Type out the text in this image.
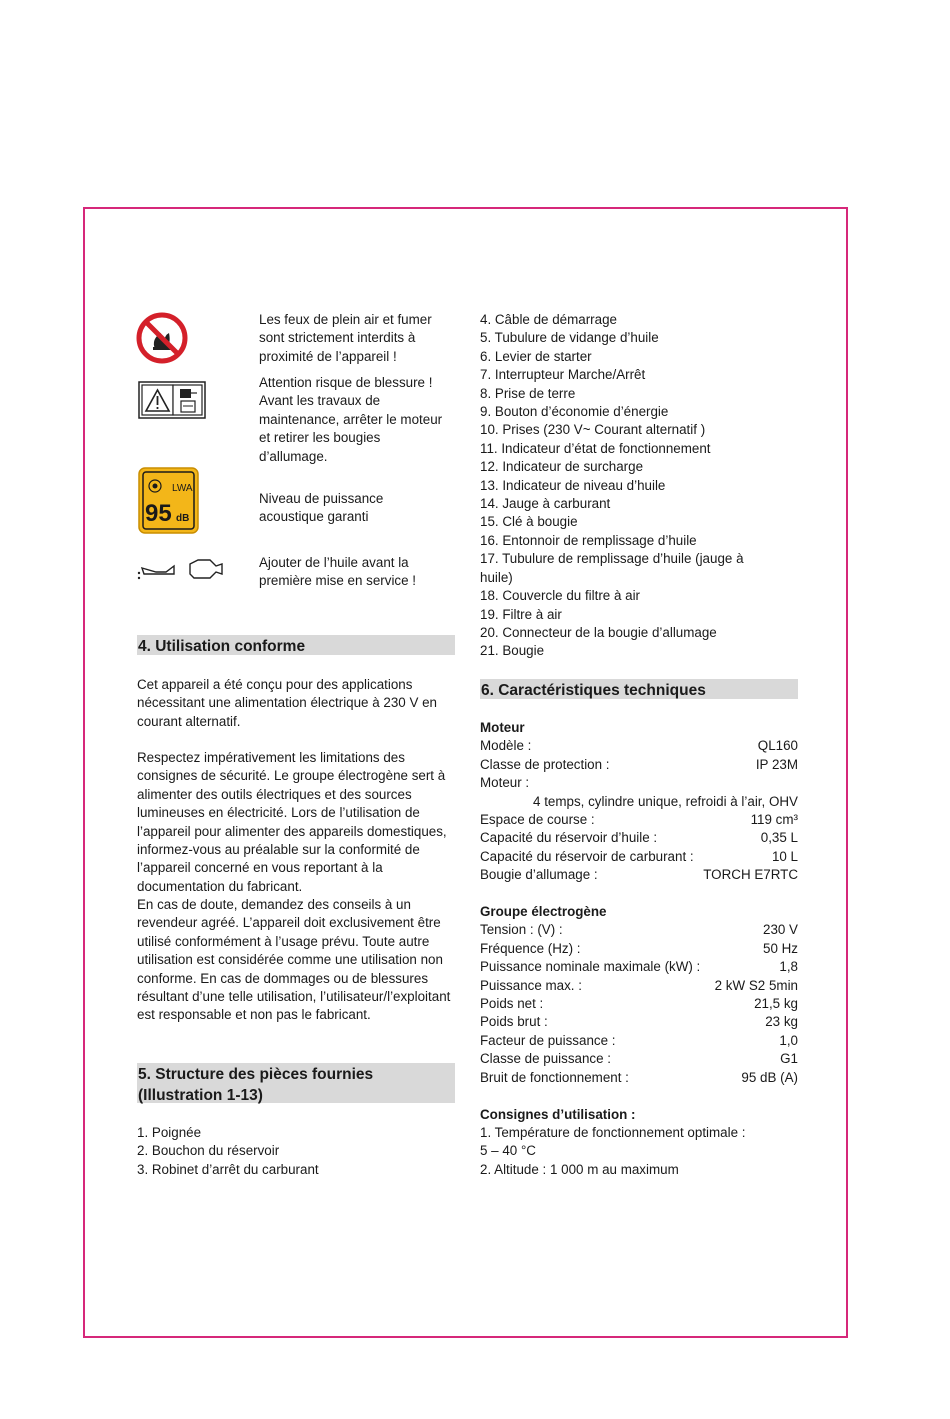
LWA
95 dB
Les feux de plein air et fumer sont strictement interdits à proximité de l’appareil !
Attention risque de blessure ! Avant les travaux de maintenance, arrêter le moteur et retirer les bougies d’allumage.
Niveau de puissance acoustique garanti
Ajouter de l’huile avant la première mise en service !
4. Utilisation conforme
Cet appareil a été conçu pour des applications nécessitant une alimentation électrique à 230 V en courant alternatif.
Respectez impérativement les limitations des consignes de sécurité. Le groupe électrogène sert à alimenter des outils électriques et des sources lumineuses en électricité. Lors de l’utilisation de l’appareil pour alimenter des appareils domestiques, informez-vous au préalable sur la conformité de l’appareil concerné en vous reportant à la documentation du fabricant.
En cas de doute, demandez des conseils à un revendeur agréé. L’appareil doit exclusivement être utilisé conformément à l’usage prévu. Toute autre utilisation est considérée comme une utilisation non conforme. En cas de dommages ou de blessures résultant d’une telle utilisation, l’utilisateur/l’exploitant est responsable et non pas le fabricant.
5. Structure des pièces fournies (Illustration 1-13)
1. Poignée
2. Bouchon du réservoir
3. Robinet d’arrêt du carburant
4. Câble de démarrage
5. Tubulure de vidange d’huile
6. Levier de starter
7. Interrupteur Marche/Arrêt
8. Prise de terre
9. Bouton d’économie d’énergie
10. Prises (230 V~ Courant alternatif )
11. Indicateur d’état de fonctionnement
12. Indicateur de surcharge
13. Indicateur de niveau d’huile
14. Jauge à carburant
15. Clé à bougie
16. Entonnoir de remplissage d’huile
17. Tubulure de remplissage d’huile (jauge à huile)
18. Couvercle du filtre à air
19. Filtre à air
20. Connecteur de la bougie d’allumage
21. Bougie
6. Caractéristiques techniques
Moteur
Modèle :	QL160
Classe de protection :	IP 23M
Moteur :
4 temps, cylindre unique, refroidi à l’air, OHV
Espace de course :	119 cm³
Capacité du réservoir d’huile :	0,35 L
Capacité du réservoir de carburant :	10 L
Bougie d’allumage :	TORCH E7RTC
Groupe électrogène
Tension : (V) :	230 V
Fréquence (Hz) :	50 Hz
Puissance nominale maximale (kW) :	1,8
Puissance max. :	2 kW S2 5min
Poids net :	21,5 kg
Poids brut :	23 kg
Facteur de puissance :	1,0
Classe de puissance :	G1
Bruit de fonctionnement :	95 dB (A)
Consignes d’utilisation :
1. Température de fonctionnement optimale :
5 – 40 °C
2. Altitude : 1 000 m au maximum
